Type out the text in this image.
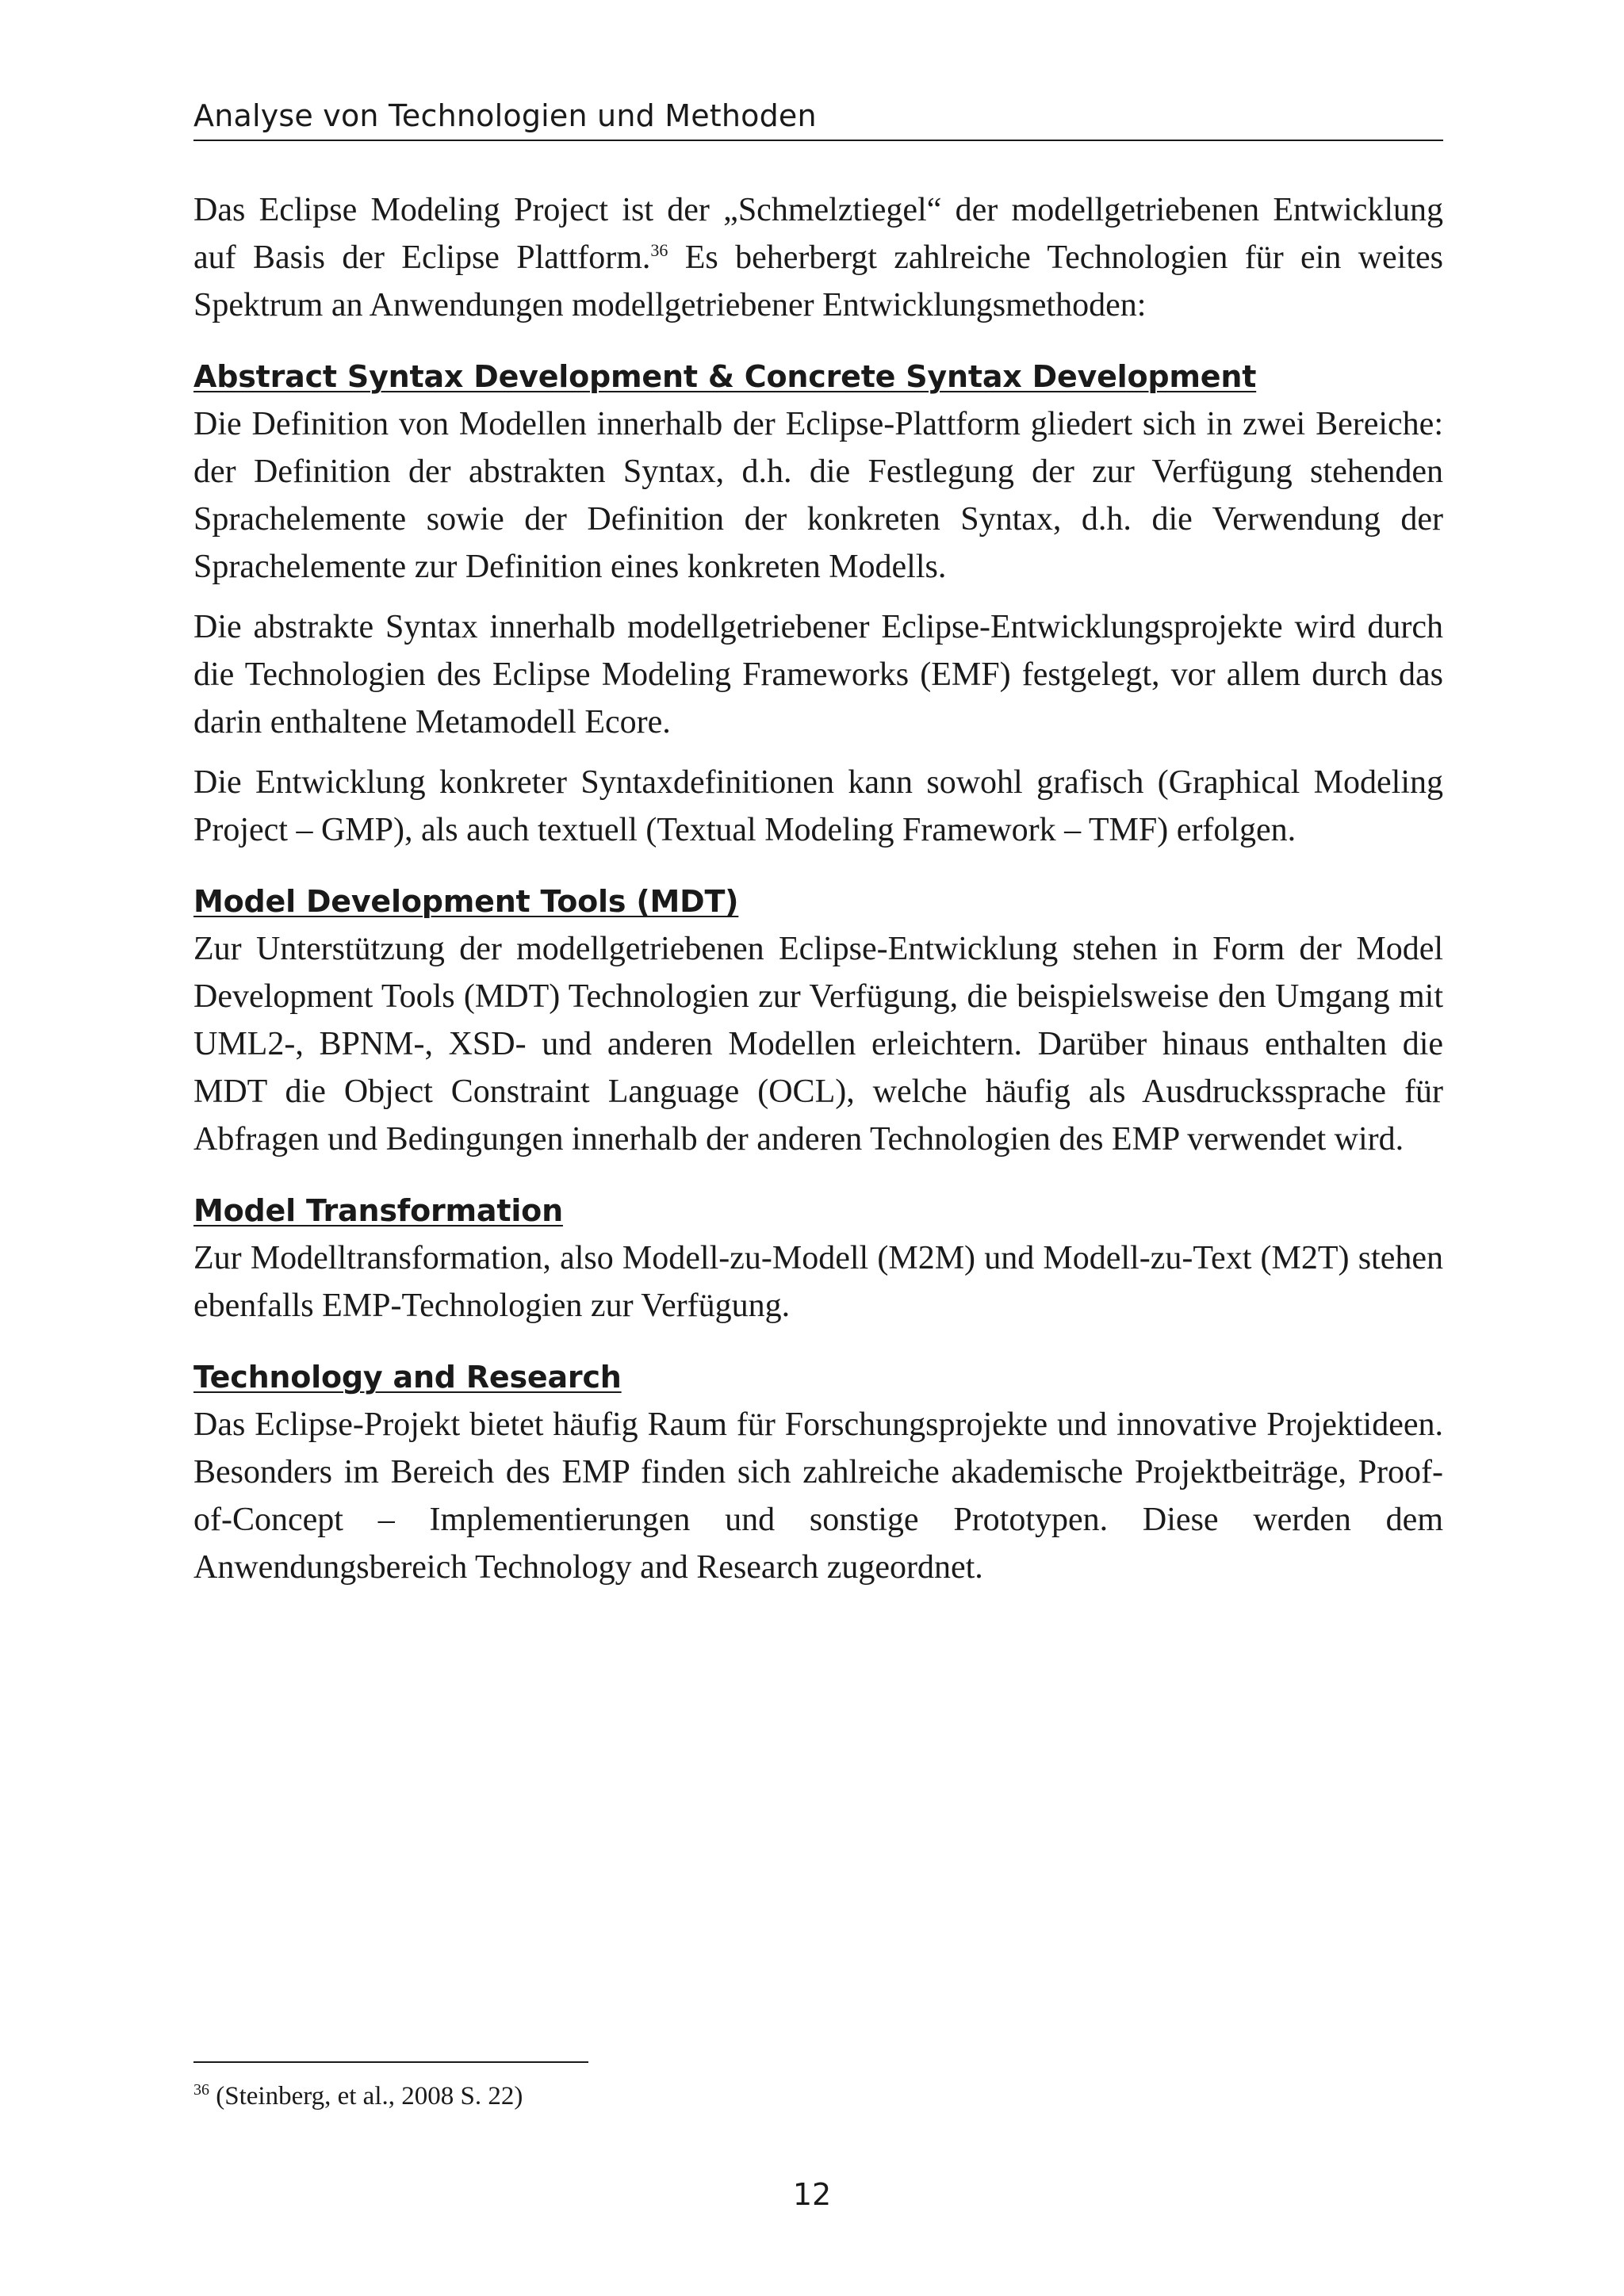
Analyse von Technologien und Methoden

Das Eclipse Modeling Project ist der „Schmelztiegel“ der modellgetriebenen Entwicklung auf Basis der Eclipse Plattform.$^{36}$ Es beherbergt zahlreiche Technologien für ein weites Spektrum an Anwendungen modellgetriebener Entwicklungsmethoden:

Abstract Syntax Development & Concrete Syntax Development

Die Definition von Modellen innerhalb der Eclipse-Plattform gliedert sich in zwei Bereiche: der Definition der abstrakten Syntax, d.h. die Festlegung der zur Verfügung stehenden Sprachelemente sowie der Definition der konkreten Syntax, d.h. die Verwendung der Sprachelemente zur Definition eines konkreten Modells.

Die abstrakte Syntax innerhalb modellgetriebener Eclipse-Entwicklungsprojekte wird durch die Technologien des Eclipse Modeling Frameworks (EMF) festgelegt, vor allem durch das darin enthaltene Metamodell Ecore.

Die Entwicklung konkreter Syntaxdefinitionen kann sowohl grafisch (Graphical Modeling Project – GMP), als auch textuell (Textual Modeling Framework – TMF) erfolgen.

Model Development Tools (MDT)

Zur Unterstützung der modellgetriebenen Eclipse-Entwicklung stehen in Form der Model Development Tools (MDT) Technologien zur Verfügung, die beispielsweise den Umgang mit UML2-, BPNM-, XSD- und anderen Modellen erleichtern. Darüber hinaus enthalten die MDT die Object Constraint Language (OCL), welche häufig als Ausdruckssprache für Abfragen und Bedingungen innerhalb der anderen Technologien des EMP verwendet wird.

Model Transformation

Zur Modelltransformation, also Modell-zu-Modell (M2M) und Modell-zu-Text (M2T) stehen ebenfalls EMP-Technologien zur Verfügung.

Technology and Research

Das Eclipse-Projekt bietet häufig Raum für Forschungsprojekte und innovative Projektideen. Besonders im Bereich des EMP finden sich zahlreiche akademische Projektbeiträge, Proof-of-Concept – Implementierungen und sonstige Prototypen. Diese werden dem Anwendungsbereich Technology and Research zugeordnet.

$^{36}$ (Steinberg, et al., 2008 S. 22)
12
